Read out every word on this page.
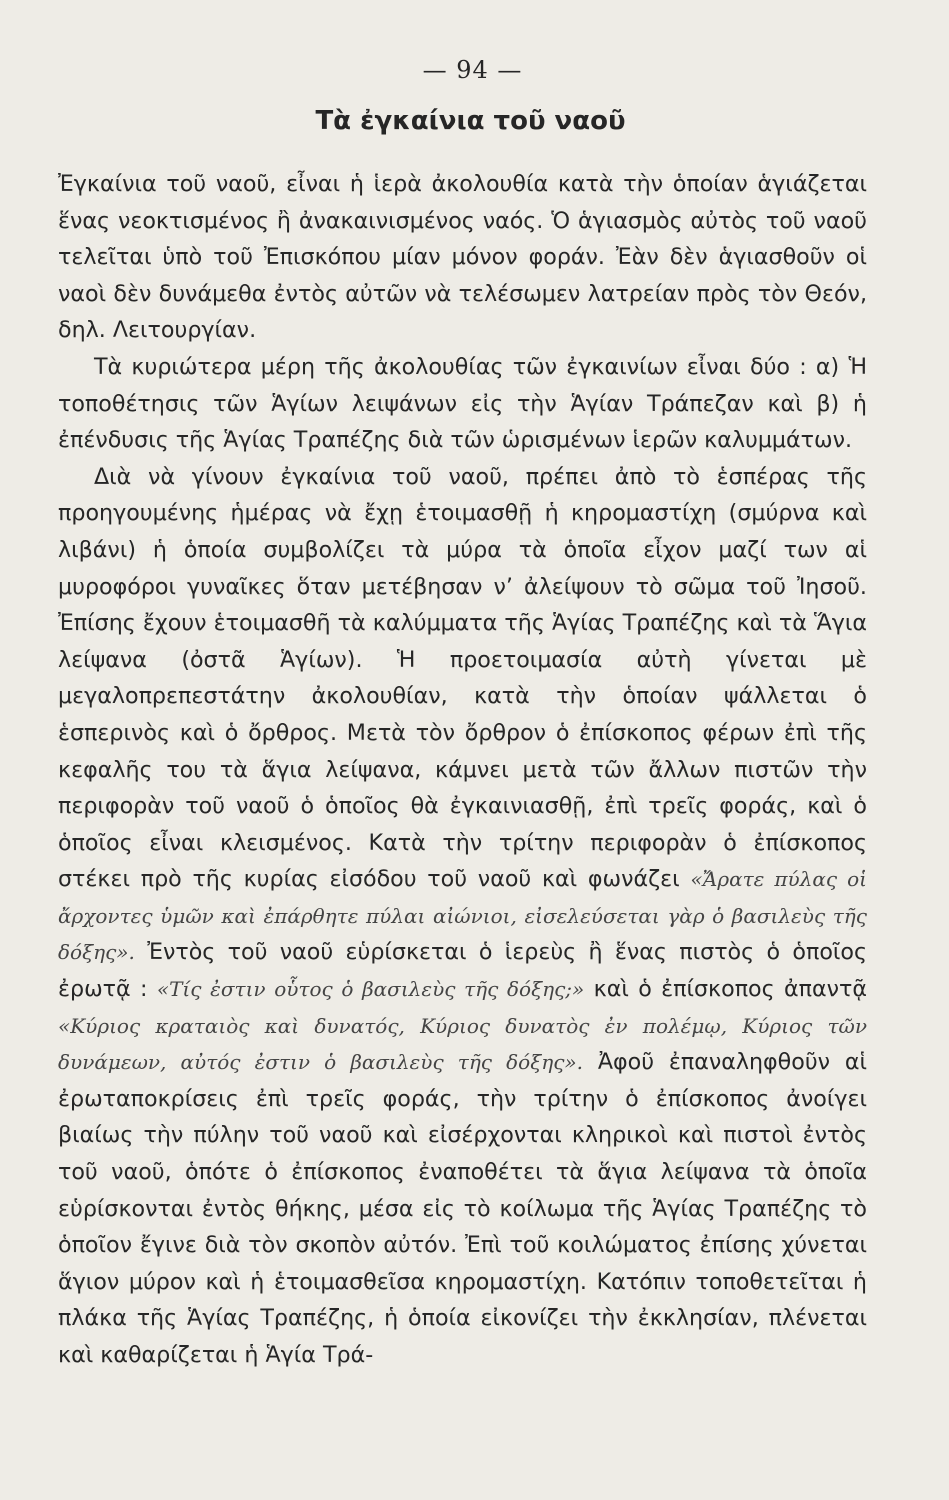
— 94 —
Τὰ ἐγκαίνια τοῦ ναοῦ

Ἐγκαίνια τοῦ ναοῦ, εἶναι ἡ ἱερὰ ἀκολουθία κατὰ τὴν ὁποίαν ἁγιάζεται ἕνας νεοκτισμένος ἢ ἀνακαινισμένος ναός. Ὁ ἁγιασμὸς αὐτὸς τοῦ ναοῦ τελεῖται ὑπὸ τοῦ Ἐπισκόπου μίαν μόνον φοράν. Ἐὰν δὲν ἁγιασθοῦν οἱ ναοὶ δὲν δυνάμεθα ἐντὸς αὐτῶν νὰ τελέσωμεν λατρείαν πρὸς τὸν Θεόν, δηλ. Λειτουργίαν.

Τὰ κυριώτερα μέρη τῆς ἀκολουθίας τῶν ἐγκαινίων εἶναι δύο : α) Ἡ τοποθέτησις τῶν Ἁγίων λειψάνων εἰς τὴν Ἁγίαν Τράπεζαν καὶ β) ἡ ἐπένδυσις τῆς Ἁγίας Τραπέζης διὰ τῶν ὡρισμένων ἱερῶν καλυμμάτων.

Διὰ νὰ γίνουν ἐγκαίνια τοῦ ναοῦ, πρέπει ἀπὸ τὸ ἑσπέρας τῆς προηγουμένης ἡμέρας νὰ ἔχῃ ἑτοιμασθῇ ἡ κηρομαστίχη (σμύρνα καὶ λιβάνι) ἡ ὁποία συμβολίζει τὰ μύρα τὰ ὁποῖα εἶχον μαζί των αἱ μυροφόροι γυναῖκες ὅταν μετέβησαν ν’ ἀλείψουν τὸ σῶμα τοῦ Ἰησοῦ. Ἐπίσης ἔχουν ἑτοιμασθῆ τὰ καλύμματα τῆς Ἁγίας Τραπέζης καὶ τὰ Ἅγια λείψανα (ὀστᾶ Ἁγίων). Ἡ προετοιμασία αὐτὴ γίνεται μὲ μεγαλοπρεπεστάτην ἀκολουθίαν, κατὰ τὴν ὁποίαν ψάλλεται ὁ ἑσπερινὸς καὶ ὁ ὄρθρος. Μετὰ τὸν ὄρθρον ὁ ἐπίσκοπος φέρων ἐπὶ τῆς κεφαλῆς του τὰ ἅγια λείψανα, κάμνει μετὰ τῶν ἄλλων πιστῶν τὴν περιφορὰν τοῦ ναοῦ ὁ ὁποῖος θὰ ἐγκαινιασθῇ, ἐπὶ τρεῖς φοράς, καὶ ὁ ὁποῖος εἶναι κλεισμένος. Κατὰ τὴν τρίτην περιφορὰν ὁ ἐπίσκοπος στέκει πρὸ τῆς κυρίας εἰσόδου τοῦ ναοῦ καὶ φωνάζει «Ἄρατε πύλας οἱ ἄρχοντες ὑμῶν καὶ ἐπάρθητε πύλαι αἰώνιοι, εἰσελεύσεται γὰρ ὁ βασιλεὺς τῆς δόξης». Ἐντὸς τοῦ ναοῦ εὑρίσκεται ὁ ἱερεὺς ἢ ἕνας πιστὸς ὁ ὁποῖος ἐρωτᾷ : «Τίς ἐστιν οὗτος ὁ βασιλεὺς τῆς δόξης;» καὶ ὁ ἐπίσκοπος ἀπαντᾷ «Κύριος κραταιὸς καὶ δυνατός, Κύριος δυνατὸς ἐν πολέμῳ, Κύριος τῶν δυνάμεων, αὐτός ἐστιν ὁ βασιλεὺς τῆς δόξης». Ἀφοῦ ἐπαναληφθοῦν αἱ ἐρωταποκρίσεις ἐπὶ τρεῖς φοράς, τὴν τρίτην ὁ ἐπίσκοπος ἀνοίγει βιαίως τὴν πύλην τοῦ ναοῦ καὶ εἰσέρχονται κληρικοὶ καὶ πιστοὶ ἐντὸς τοῦ ναοῦ, ὁπότε ὁ ἐπίσκοπος ἐναποθέτει τὰ ἅγια λείψανα τὰ ὁποῖα εὑρίσκονται ἐντὸς θήκης, μέσα εἰς τὸ κοίλωμα τῆς Ἁγίας Τραπέζης τὸ ὁποῖον ἔγινε διὰ τὸν σκοπὸν αὐτόν. Ἐπὶ τοῦ κοιλώματος ἐπίσης χύνεται ἅγιον μύρον καὶ ἡ ἑτοιμασθεῖσα κηρομαστίχη. Κατόπιν τοποθετεῖται ἡ πλάκα τῆς Ἁγίας Τραπέζης, ἡ ὁποία εἰκονίζει τὴν ἐκκλησίαν, πλένεται καὶ καθαρίζεται ἡ Ἁγία Τρά-
